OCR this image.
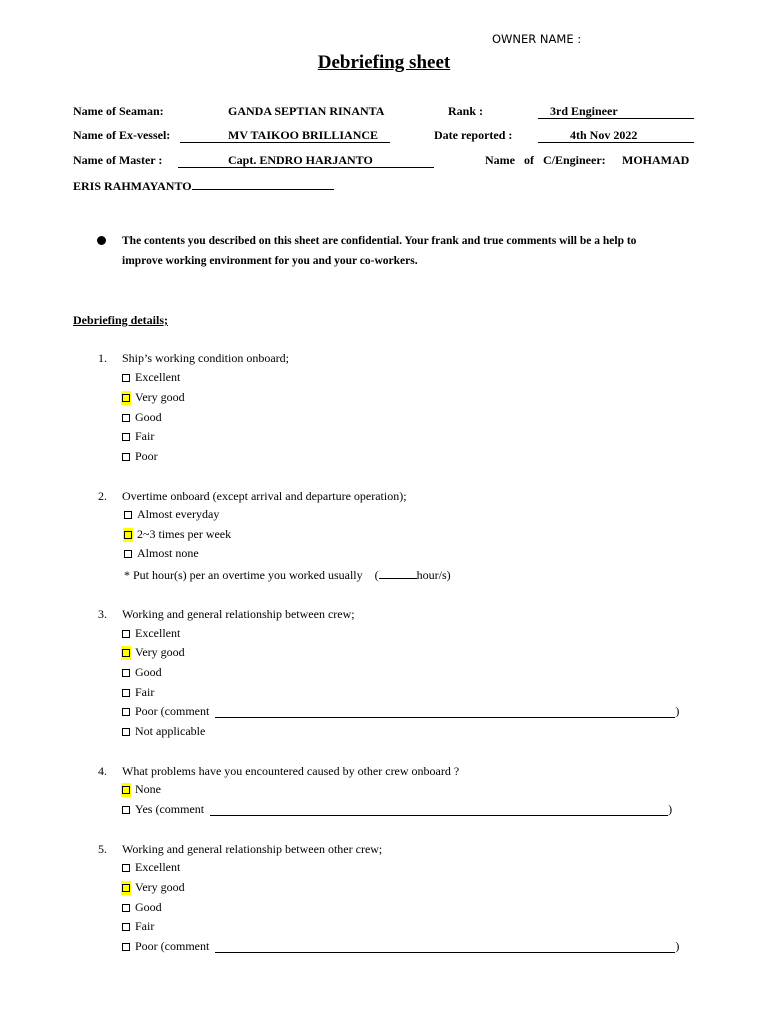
OWNER NAME :
Debriefing sheet
Name of Seaman:	GANDA SEPTIAN RINANTA	Rank :	3rd Engineer
Name of Ex-vessel:	MV TAIKOO BRILLIANCE	Date reported :	4th Nov 2022
Name of Master :	Capt. ENDRO HARJANTO	Name   of   C/Engineer: MOHAMAD
ERIS RAHMAYANTO
The contents you described on this sheet are confidential. Your frank and true comments will be a help to
improve working environment for you and your co-workers.
Debriefing details;
1. Ship’s working condition onboard;
Excellent
Very good
Good
Fair
Poor
2. Overtime onboard (except arrival and departure operation);
Almost everyday
2~3 times per week
Almost none
* Put hour(s) per an overtime you worked usually    (	hour/s)
3. Working and general relationship between crew;
Excellent
Very good
Good
Fair
Poor (comment	)
Not applicable
4. What problems have you encountered caused by other crew onboard ?
None
Yes (comment	)
5. Working and general relationship between other crew;
Excellent
Very good
Good
Fair
Poor (comment	)
